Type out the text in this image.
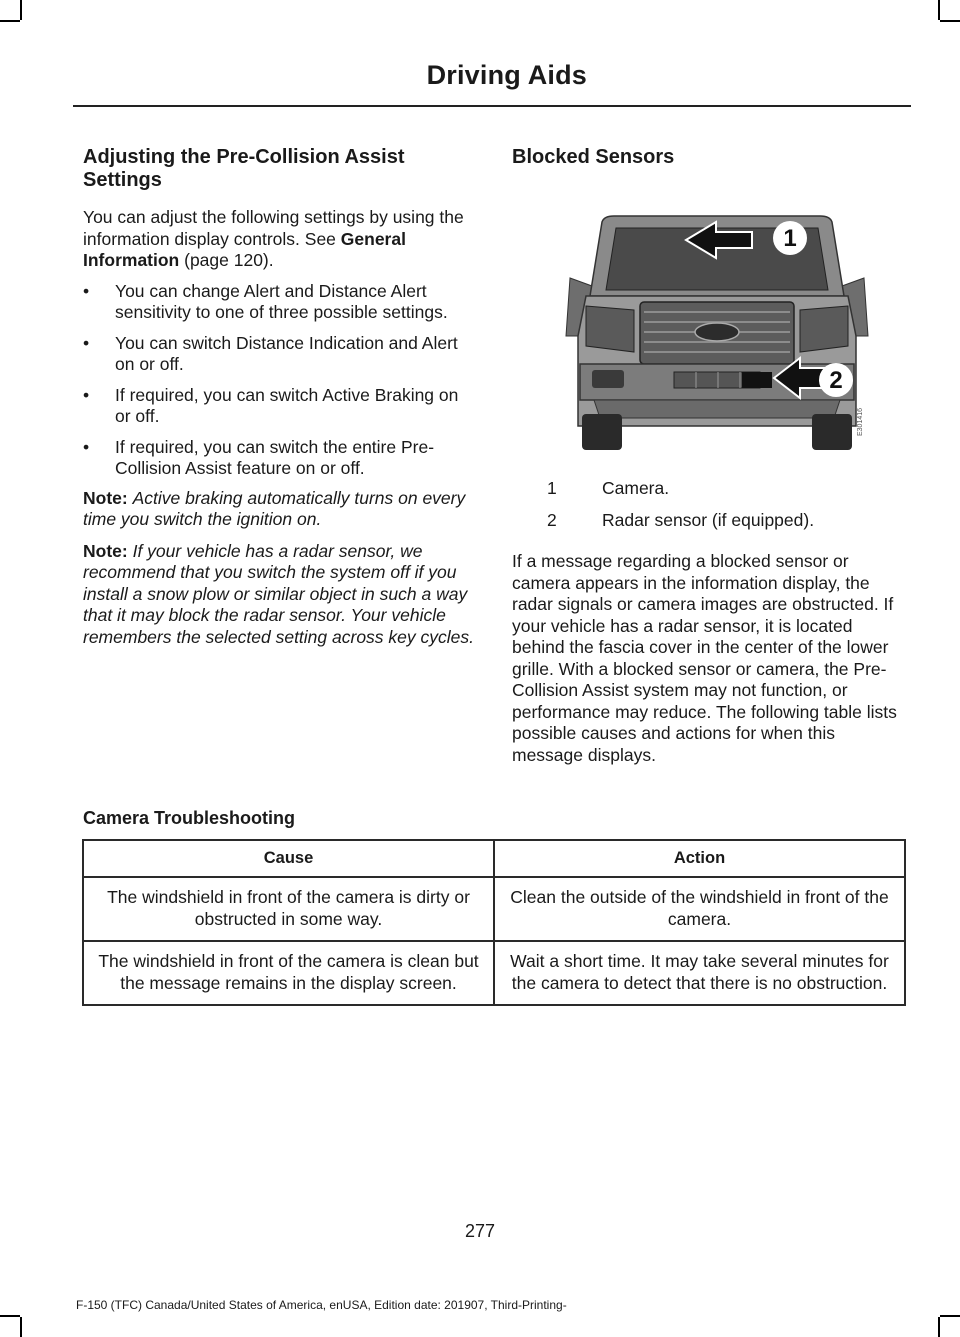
Driving Aids
Adjusting the Pre-Collision Assist Settings

You can adjust the following settings by using the information display controls. See General Information (page 120).

• You can change Alert and Distance Alert sensitivity to one of three possible settings.
• You can switch Distance Indication and Alert on or off.
• If required, you can switch Active Braking on or off.
• If required, you can switch the entire Pre-Collision Assist feature on or off.

Note: Active braking automatically turns on every time you switch the ignition on.

Note: If your vehicle has a radar sensor, we recommend that you switch the system off if you install a snow plow or similar object in such a way that it may block the radar sensor. Your vehicle remembers the selected setting across key cycles.

Blocked Sensors
1
2
E301416
1	Camera.
2	Radar sensor (if equipped).

If a message regarding a blocked sensor or camera appears in the information display, the radar signals or camera images are obstructed. If your vehicle has a radar sensor, it is located behind the fascia cover in the center of the lower grille. With a blocked sensor or camera, the Pre-Collision Assist system may not function, or performance may reduce. The following table lists possible causes and actions for when this message displays.

Camera Troubleshooting
Cause	Action
The windshield in front of the camera is dirty or obstructed in some way.	Clean the outside of the windshield in front of the camera.
The windshield in front of the camera is clean but the message remains in the display screen.	Wait a short time. It may take several minutes for the camera to detect that there is no obstruction.
277
F-150 (TFC) Canada/United States of America, enUSA, Edition date: 201907, Third-Printing-
